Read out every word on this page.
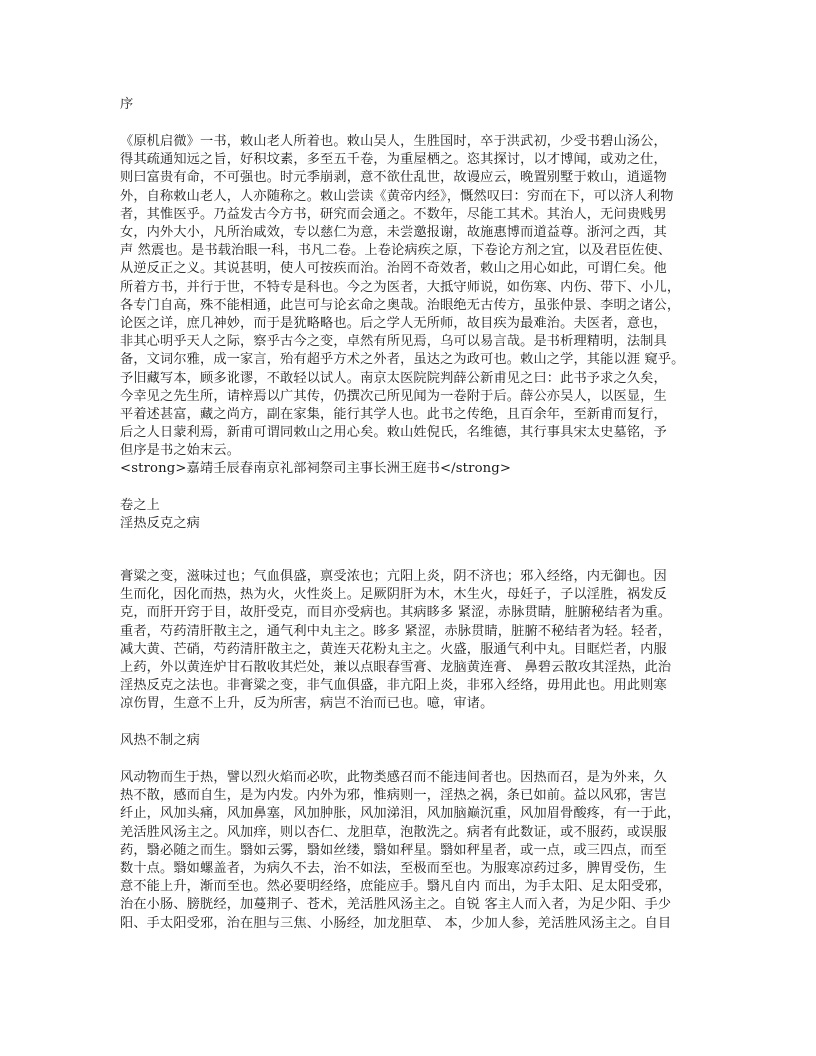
序
《原机启微》一书，敕山老人所着也。敕山吴人，生胜国时，卒于洪武初，少受书碧山汤公，
得其疏通知远之旨，好积坟素，多至五千卷，为重屋栖之。恣其探讨，以才博闻，或劝之仕，
则曰富贵有命，不可强也。时元季崩剥，意不欲仕乱世，故谩应云，晚置别墅于敕山，逍遥物
外，自称敕山老人，人亦随称之。敕山尝读《黄帝内经》，慨然叹曰：穷而在下，可以济人利物
者，其惟医乎。乃益发古今方书，研究而会通之。不数年，尽能工其术。其治人，无问贵贱男
女，内外大小，凡所治咸效，专以慈仁为意，未尝邀报谢，故施惠博而道益尊。浙河之西，其
声 然震也。是书载治眼一科，书凡二卷。上卷论病疾之原，下卷论方剂之宜，以及君臣佐使、
从逆反正之义。其说甚明，使人可按疾而治。治罔不奇效者，敕山之用心如此，可谓仁矣。他
所着方书，并行于世，不特专是科也。今之为医者，大抵守师说，如伤寒、内伤、带下、小儿，
各专门自高，殊不能相通，此岂可与论玄命之奥哉。治眼绝无古传方，虽张仲景、李明之诸公，
论医之详，庶几神妙，而于是犹略略也。后之学人无所师，故目疾为最难治。夫医者，意也，
非其心明乎天人之际，察乎古今之变，卓然有所见焉，乌可以易言哉。是书析理精明，法制具
备，文词尔雅，成一家言，殆有超乎方术之外者，虽达之为政可也。敕山之学，其能以涯 窥乎。
予旧藏写本，顾多讹谬，不敢轻以试人。南京太医院院判薛公新甫见之曰：此书予求之久矣，
今幸见之先生所，请梓焉以广其传，仍撰次己所见闻为一卷附于后。薛公亦吴人，以医显，生
平着述甚富，藏之尚方，副在家集，能行其学人也。此书之传绝，且百余年，至新甫而复行，
后之人日蒙利焉，新甫可谓同敕山之用心矣。敕山姓倪氏，名维德，其行事具宋太史墓铭，予
但序是书之始末云。
<strong>嘉靖壬辰春南京礼部祠祭司主事长洲王庭书</strong>
卷之上
淫热反克之病
膏粱之变，滋味过也；气血俱盛，禀受浓也；亢阳上炎，阴不济也；邪入经络，内无御也。因
生而化，因化而热，热为火，火性炎上。足厥阴肝为木，木生火，母妊子，子以淫胜，祸发反
克，而肝开窍于目，故肝受克，而目亦受病也。其病眵多 紧涩，赤脉贯睛，脏腑秘结者为重。
重者，芍药清肝散主之，通气利中丸主之。眵多 紧涩，赤脉贯睛，脏腑不秘结者为轻。轻者，
减大黄、芒硝，芍药清肝散主之，黄连天花粉丸主之。火盛，服通气利中丸。目眶烂者，内服
上药，外以黄连炉甘石散收其烂处，兼以点眼春雪膏、龙脑黄连膏、 鼻碧云散攻其淫热，此治
淫热反克之法也。非膏粱之变，非气血俱盛，非亢阳上炎，非邪入经络，毋用此也。用此则寒
凉伤胃，生意不上升，反为所害，病岂不治而已也。噫，审诸。
风热不制之病
风动物而生于热，譬以烈火焰而必吹，此物类感召而不能违间者也。因热而召，是为外来，久
热不散，感而自生，是为内发。内外为邪，惟病则一，淫热之祸，条已如前。益以风邪，害岂
纤止，风加头痛，风加鼻塞，风加肿胀，风加涕泪，风加脑巅沉重，风加眉骨酸疼，有一于此，
羌活胜风汤主之。风加痒，则以杏仁、龙胆草，泡散洗之。病者有此数证，或不服药，或误服
药，翳必随之而生。翳如云雾，翳如丝缕，翳如秤星。翳如秤星者，或一点，或三四点，而至
数十点。翳如螺盖者，为病久不去，治不如法，至极而至也。为服寒凉药过多，脾胃受伤，生
意不能上升，渐而至也。然必要明经络，庶能应手。翳凡自内 而出，为手太阳、足太阳受邪，
治在小肠、膀胱经，加蔓荆子、苍术，羌活胜风汤主之。自锐 客主人而入者，为足少阳、手少
阳、手太阳受邪，治在胆与三焦、小肠经，加龙胆草、 本，少加人参，羌活胜风汤主之。自目
